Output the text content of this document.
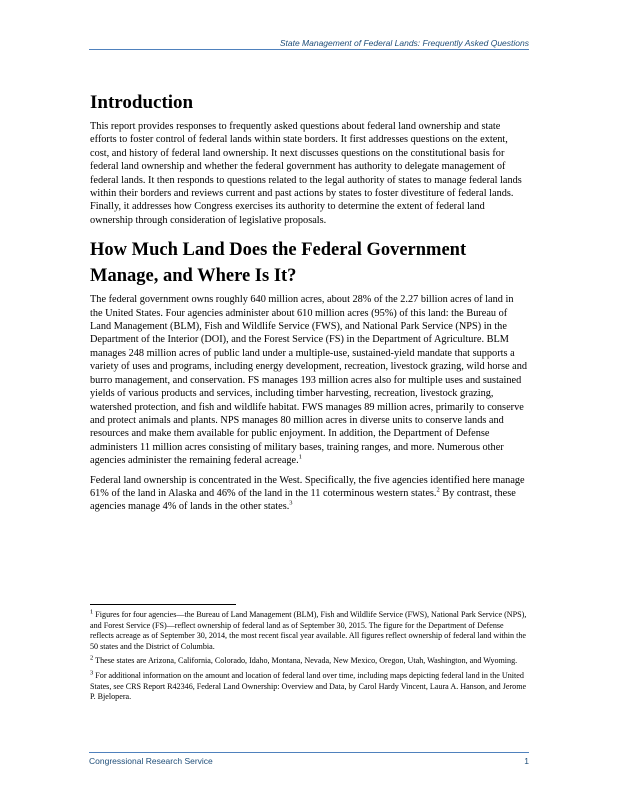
State Management of Federal Lands: Frequently Asked Questions
Introduction

This report provides responses to frequently asked questions about federal land ownership and state efforts to foster control of federal lands within state borders. It first addresses questions on the extent, cost, and history of federal land ownership. It next discusses questions on the constitutional basis for federal land ownership and whether the federal government has authority to delegate management of federal lands. It then responds to questions related to the legal authority of states to manage federal lands within their borders and reviews current and past actions by states to foster divestiture of federal lands. Finally, it addresses how Congress exercises its authority to determine the extent of federal land ownership through consideration of legislative proposals.

How Much Land Does the Federal Government Manage, and Where Is It?

The federal government owns roughly 640 million acres, about 28% of the 2.27 billion acres of land in the United States. Four agencies administer about 610 million acres (95%) of this land: the Bureau of Land Management (BLM), Fish and Wildlife Service (FWS), and National Park Service (NPS) in the Department of the Interior (DOI), and the Forest Service (FS) in the Department of Agriculture. BLM manages 248 million acres of public land under a multiple-use, sustained-yield mandate that supports a variety of uses and programs, including energy development, recreation, livestock grazing, wild horse and burro management, and conservation. FS manages 193 million acres also for multiple uses and sustained yields of various products and services, including timber harvesting, recreation, livestock grazing, watershed protection, and fish and wildlife habitat. FWS manages 89 million acres, primarily to conserve and protect animals and plants. NPS manages 80 million acres in diverse units to conserve lands and resources and make them available for public enjoyment. In addition, the Department of Defense administers 11 million acres consisting of military bases, training ranges, and more. Numerous other agencies administer the remaining federal acreage.$^1$

Federal land ownership is concentrated in the West. Specifically, the five agencies identified here manage 61% of the land in Alaska and 46% of the land in the 11 coterminous western states.$^2$ By contrast, these agencies manage 4% of lands in the other states.$^3$

$^1$ Figures for four agencies—the Bureau of Land Management (BLM), Fish and Wildlife Service (FWS), National Park Service (NPS), and Forest Service (FS)—reflect ownership of federal land as of September 30, 2015. The figure for the Department of Defense reflects acreage as of September 30, 2014, the most recent fiscal year available. All figures reflect ownership of federal land within the 50 states and the District of Columbia.

$^2$ These states are Arizona, California, Colorado, Idaho, Montana, Nevada, New Mexico, Oregon, Utah, Washington, and Wyoming.

$^3$ For additional information on the amount and location of federal land over time, including maps depicting federal land in the United States, see CRS Report R42346, Federal Land Ownership: Overview and Data, by Carol Hardy Vincent, Laura A. Hanson, and Jerome P. Bjelopera.

Congressional Research Service	1
